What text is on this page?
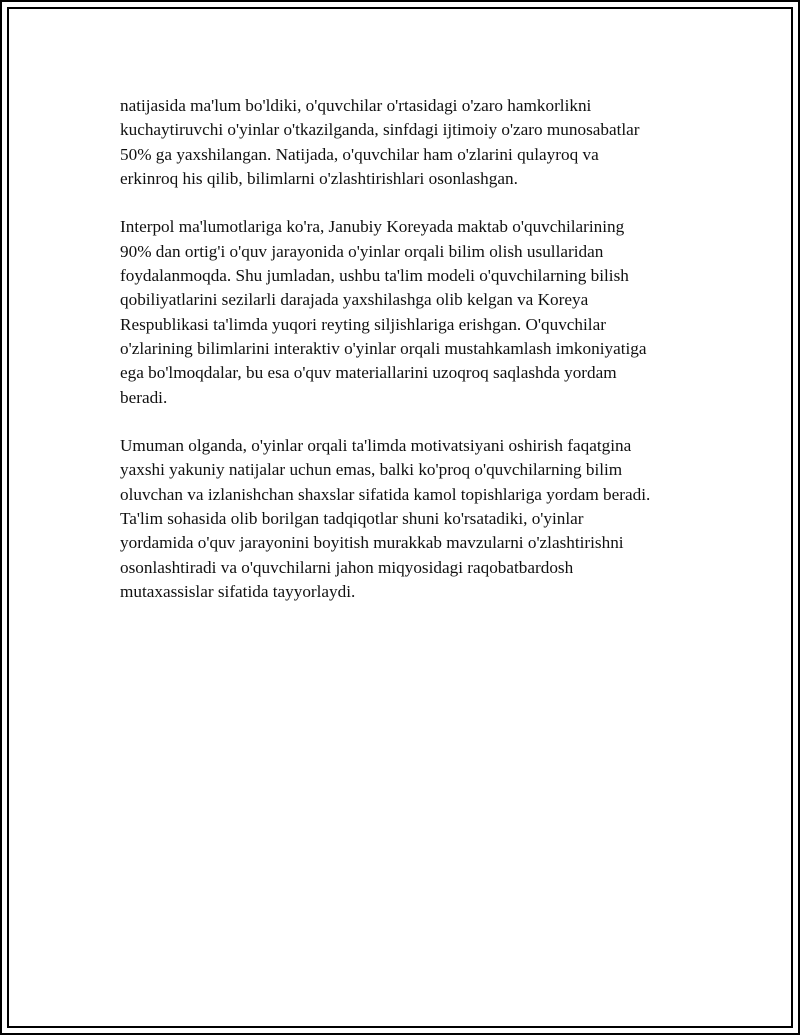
natijasida ma'lum bo'ldiki, o'quvchilar o'rtasidagi o'zaro hamkorlikni
kuchaytiruvchi o'yinlar o'tkazilganda, sinfdagi ijtimoiy o'zaro munosabatlar
50% ga yaxshilangan. Natijada, o'quvchilar ham o'zlarini qulayroq va
erkinroq his qilib, bilimlarni o'zlashtirishlari osonlashgan.

Interpol ma'lumotlariga ko'ra, Janubiy Koreyada maktab o'quvchilarining
90% dan ortig'i o'quv jarayonida o'yinlar orqali bilim olish usullaridan
foydalanmoqda. Shu jumladan, ushbu ta'lim modeli o'quvchilarning bilish
qobiliyatlarini sezilarli darajada yaxshilashga olib kelgan va Koreya
Respublikasi ta'limda yuqori reyting siljishlariga erishgan. O'quvchilar
o'zlarining bilimlarini interaktiv o'yinlar orqali mustahkamlash imkoniyatiga
ega bo'lmoqdalar, bu esa o'quv materiallarini uzoqroq saqlashda yordam
beradi.

Umuman olganda, o'yinlar orqali ta'limda motivatsiyani oshirish faqatgina
yaxshi yakuniy natijalar uchun emas, balki ko'proq o'quvchilarning bilim
oluvchan va izlanishchan shaxslar sifatida kamol topishlariga yordam beradi.
Ta'lim sohasida olib borilgan tadqiqotlar shuni ko'rsatadiki, o'yinlar
yordamida o'quv jarayonini boyitish murakkab mavzularni o'zlashtirishni
osonlashtiradi va o'quvchilarni jahon miqyosidagi raqobatbardosh
mutaxassislar sifatida tayyorlaydi.
